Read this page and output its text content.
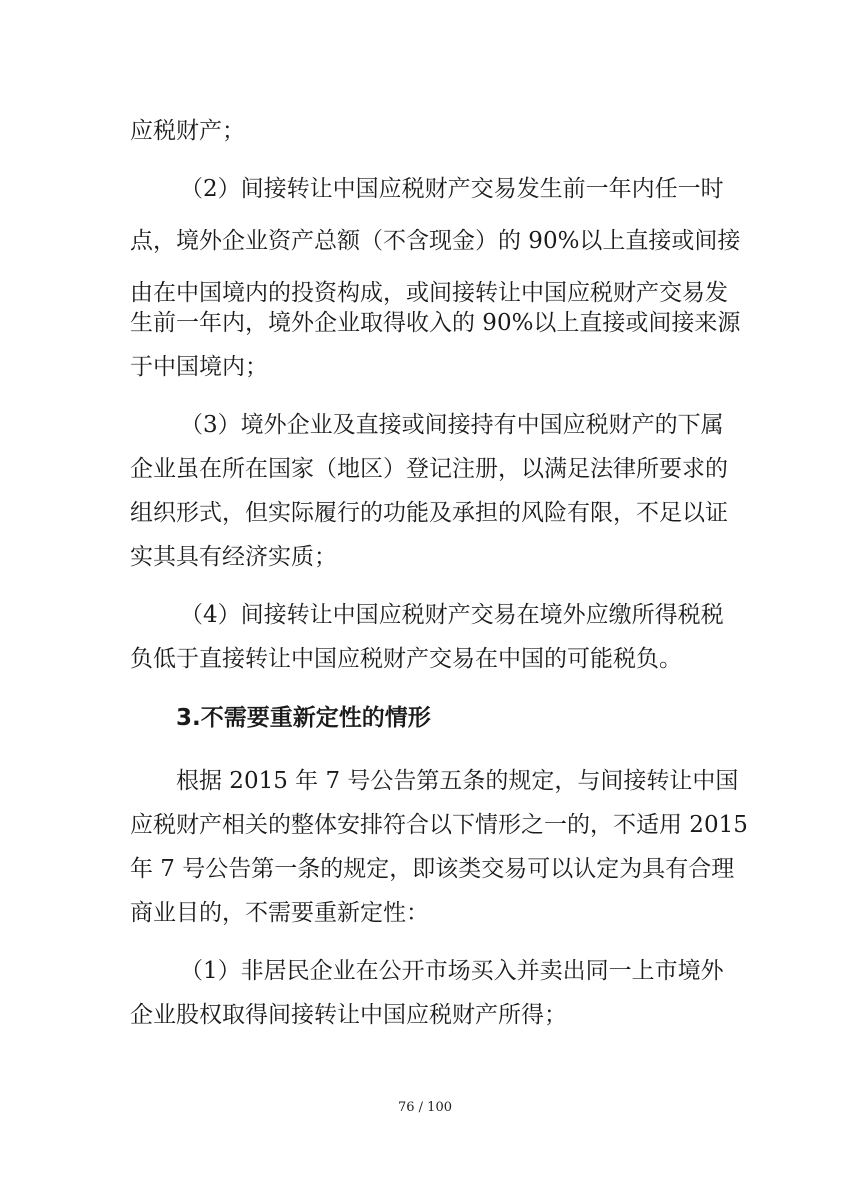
应税财产；
（2）间接转让中国应税财产交易发生前一年内任一时
点，境外企业资产总额（不含现金）的 90%以上直接或间接
由在中国境内的投资构成，或间接转让中国应税财产交易发
生前一年内，境外企业取得收入的 90%以上直接或间接来源
于中国境内；
（3）境外企业及直接或间接持有中国应税财产的下属
企业虽在所在国家（地区）登记注册，以满足法律所要求的
组织形式，但实际履行的功能及承担的风险有限，不足以证
实其具有经济实质；
（4）间接转让中国应税财产交易在境外应缴所得税税
负低于直接转让中国应税财产交易在中国的可能税负。
3.不需要重新定性的情形
根据 2015 年 7 号公告第五条的规定，与间接转让中国
应税财产相关的整体安排符合以下情形之一的，不适用 2015
年 7 号公告第一条的规定，即该类交易可以认定为具有合理
商业目的，不需要重新定性：
（1）非居民企业在公开市场买入并卖出同一上市境外
企业股权取得间接转让中国应税财产所得；
76 / 100
